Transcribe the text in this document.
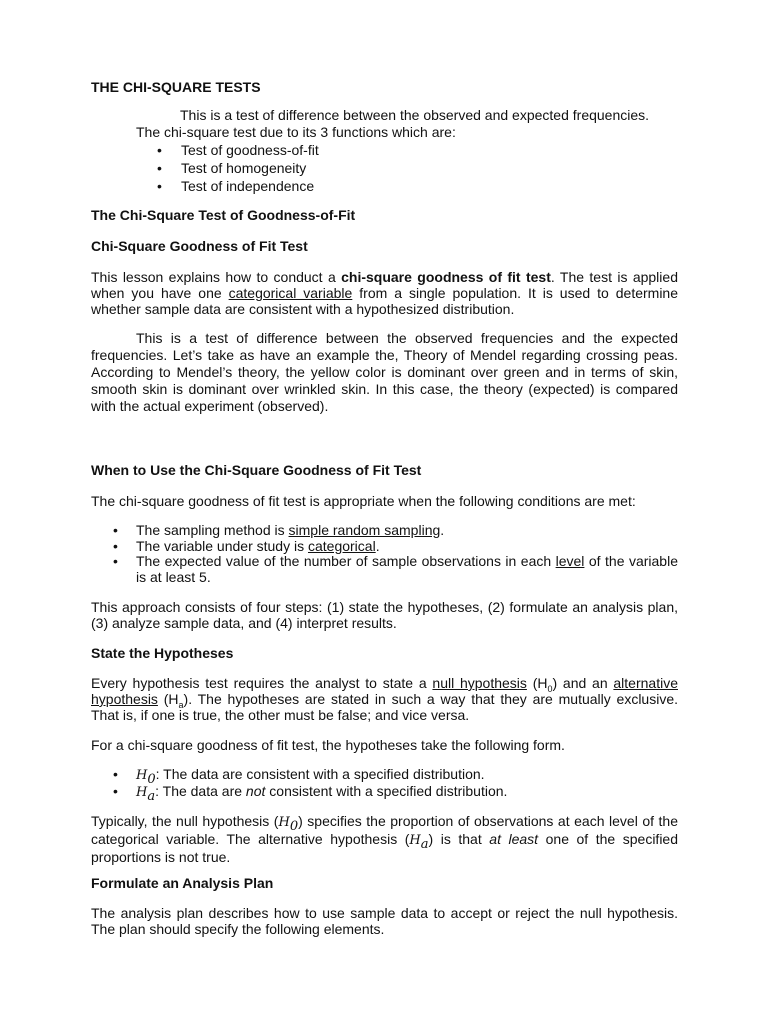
THE CHI-SQUARE TESTS

This is a test of difference between the observed and expected frequencies.

The chi-square test due to its 3 functions which are:

• Test of goodness-of-fit
• Test of homogeneity
• Test of independence

The Chi-Square Test of Goodness-of-Fit

Chi-Square Goodness of Fit Test

This lesson explains how to conduct a chi-square goodness of fit test. The test is applied when you have one categorical variable from a single population. It is used to determine whether sample data are consistent with a hypothesized distribution.

This is a test of difference between the observed frequencies and the expected frequencies. Let’s take as have an example the, Theory of Mendel regarding crossing peas. According to Mendel’s theory, the yellow color is dominant over green and in terms of skin, smooth skin is dominant over wrinkled skin. In this case, the theory (expected) is compared with the actual experiment (observed).

When to Use the Chi-Square Goodness of Fit Test

The chi-square goodness of fit test is appropriate when the following conditions are met:

• The sampling method is simple random sampling.
• The variable under study is categorical.
• The expected value of the number of sample observations in each level of the variable is at least 5.

This approach consists of four steps: (1) state the hypotheses, (2) formulate an analysis plan, (3) analyze sample data, and (4) interpret results.

State the Hypotheses

Every hypothesis test requires the analyst to state a null hypothesis $(H_0)$ and an alternative hypothesis $(H_a)$. The hypotheses are stated in such a way that they are mutually exclusive. That is, if one is true, the other must be false; and vice versa.

For a chi-square goodness of fit test, the hypotheses take the following form.

• $H_0$: The data are consistent with a specified distribution.
• $H_a$: The data are not consistent with a specified distribution.

Typically, the null hypothesis $(H_0)$ specifies the proportion of observations at each level of the categorical variable. The alternative hypothesis $(H_a)$ is that at least one of the specified proportions is not true.

Formulate an Analysis Plan

The analysis plan describes how to use sample data to accept or reject the null hypothesis. The plan should specify the following elements.
